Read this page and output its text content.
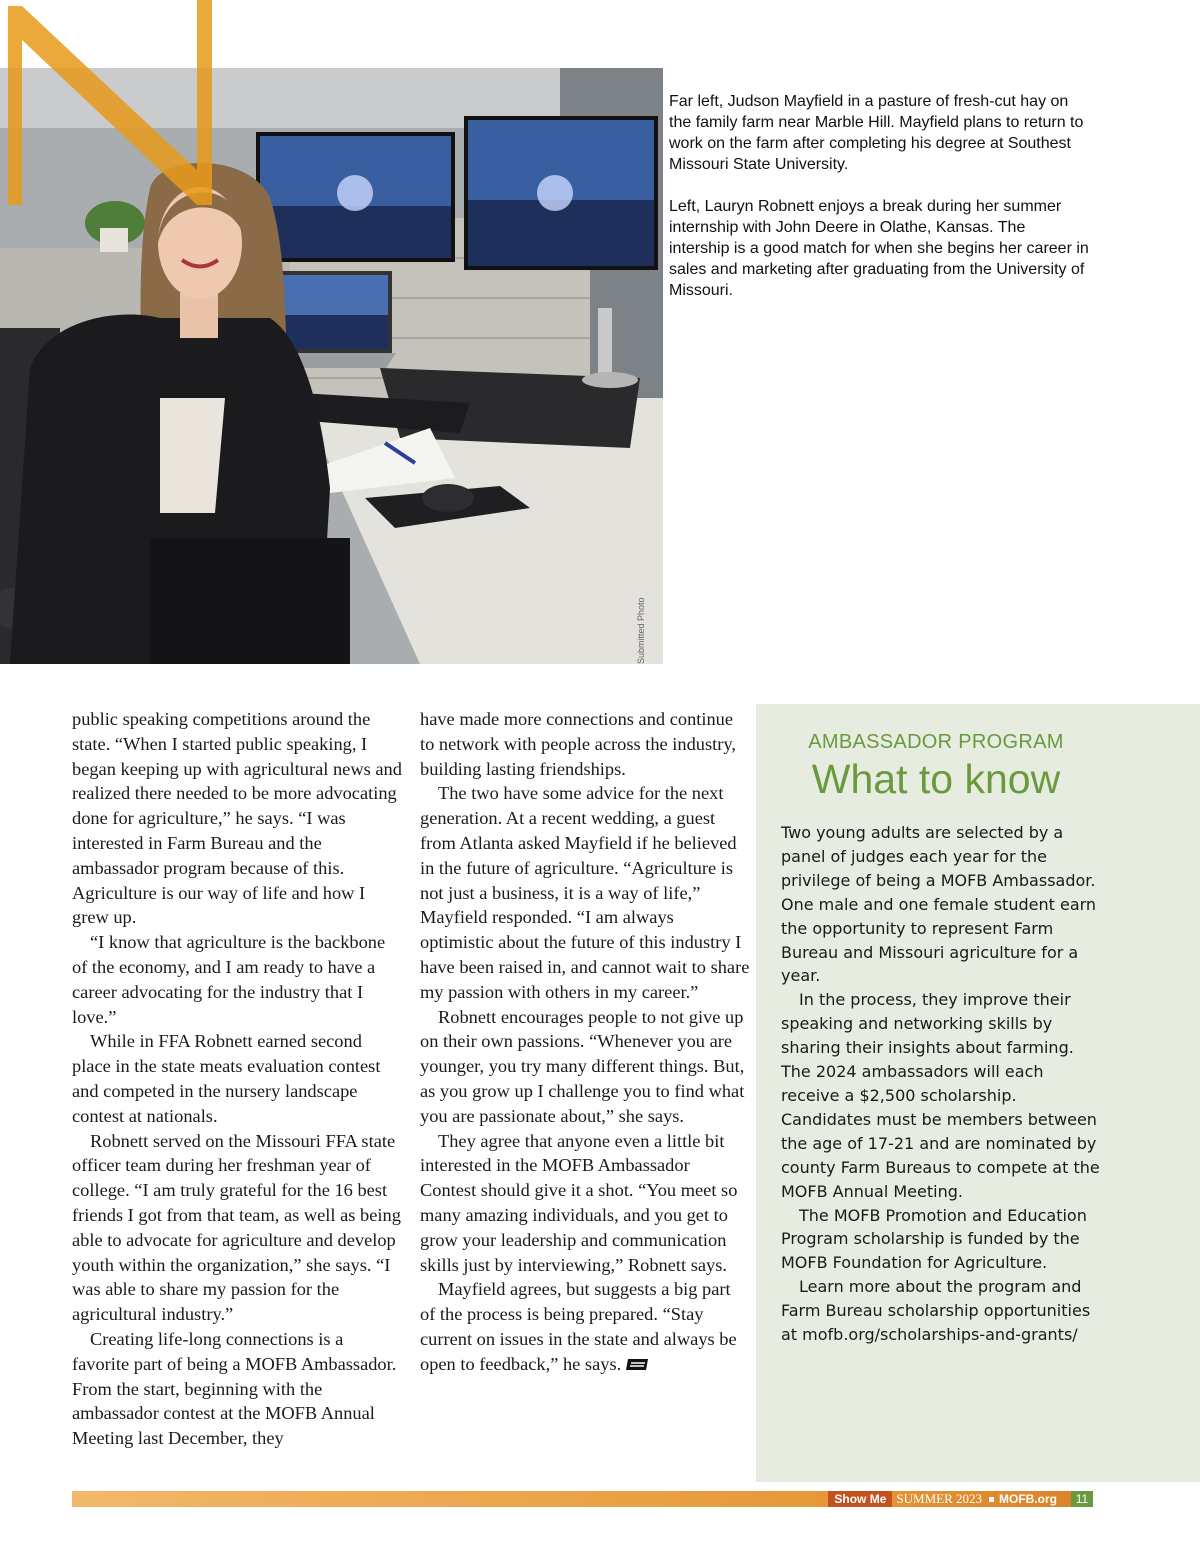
Submitted Photo

Far left, Judson Mayfield in a pasture of fresh-cut hay on the family farm near Marble Hill. Mayfield plans to return to work on the farm after completing his degree at Southest Missouri State University.

Left, Lauryn Robnett enjoys a break during her summer internship with John Deere in Olathe, Kansas. The intership is a good match for when she begins her career in sales and marketing after graduating from the University of Missouri.

public speaking competitions around the state. “When I started public speaking, I began keeping up with agricultural news and realized there needed to be more advocating done for agriculture,” he says. “I was interested in Farm Bureau and the ambassador program because of this. Agriculture is our way of life and how I grew up.

“I know that agriculture is the backbone of the economy, and I am ready to have a career advocating for the industry that I love.”

While in FFA Robnett earned second place in the state meats evaluation contest and competed in the nursery landscape contest at nationals.

Robnett served on the Missouri FFA state officer team during her freshman year of college. “I am truly grateful for the 16 best friends I got from that team, as well as being able to advocate for agriculture and develop youth within the organization,” she says. “I was able to share my passion for the agricultural industry.”

Creating life-long connections is a favorite part of being a MOFB Ambassador. From the start, beginning with the ambassador contest at the MOFB Annual Meeting last December, they

have made more connections and continue to network with people across the industry, building lasting friendships.

The two have some advice for the next generation. At a recent wedding, a guest from Atlanta asked Mayfield if he believed in the future of agriculture. “Agriculture is not just a business, it is a way of life,” Mayfield responded. “I am always optimistic about the future of this industry I have been raised in, and cannot wait to share my passion with others in my career.”

Robnett encourages people to not give up on their own passions. “Whenever you are younger, you try many different things. But, as you grow up I challenge you to find what you are passionate about,” she says.

They agree that anyone even a little bit interested in the MOFB Ambassador Contest should give it a shot. “You meet so many amazing individuals, and you get to grow your leadership and communication skills just by interviewing,” Robnett says.

Mayfield agrees, but suggests a big part of the process is being prepared. “Stay current on issues in the state and always be open to feedback,” he says.

AMBASSADOR PROGRAM
What to know

Two young adults are selected by a panel of judges each year for the privilege of being a MOFB Ambassador. One male and one female student earn the opportunity to represent Farm Bureau and Missouri agriculture for a year.

In the process, they improve their speaking and networking skills by sharing their insights about farming. The 2024 ambassadors will each receive a $2,500 scholarship. Candidates must be members between the age of 17-21 and are nominated by county Farm Bureaus to compete at the MOFB Annual Meeting.

The MOFB Promotion and Education Program scholarship is funded by the MOFB Foundation for Agriculture.

Learn more about the program and Farm Bureau scholarship opportunities at mofb.org/scholarships-and-grants/

Show Me SUMMER 2023	MOFB.org	11
